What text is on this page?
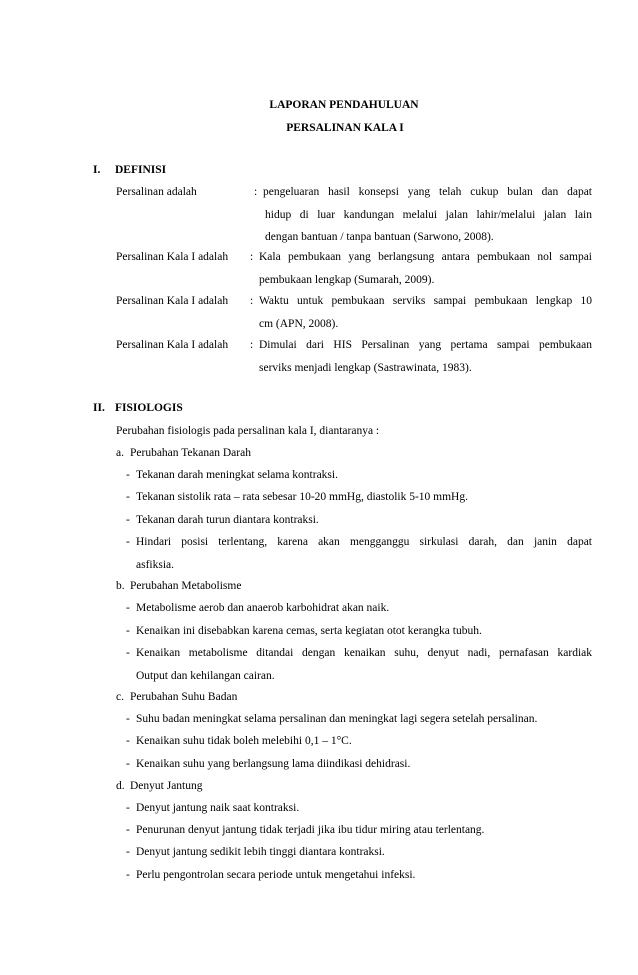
LAPORAN PENDAHULUAN
PERSALINAN KALA I
I. DEFINISI
Persalinan adalah	: pengeluaran hasil konsepsi yang telah cukup bulan dan dapat
hidup di luar kandungan melalui jalan lahir/melalui jalan lain
dengan bantuan / tanpa bantuan (Sarwono, 2008).
Persalinan Kala I adalah	: Kala pembukaan yang berlangsung antara pembukaan nol sampai
pembukaan lengkap (Sumarah, 2009).
Persalinan Kala I adalah	: Waktu untuk pembukaan serviks sampai pembukaan lengkap 10
cm (APN, 2008).
Persalinan Kala I adalah	: Dimulai dari HIS Persalinan yang pertama sampai pembukaan
serviks menjadi lengkap (Sastrawinata, 1983).
II. FISIOLOGIS
Perubahan fisiologis pada persalinan kala I, diantaranya :
a. Perubahan Tekanan Darah
- Tekanan darah meningkat selama kontraksi.
- Tekanan sistolik rata – rata sebesar 10-20 mmHg, diastolik 5-10 mmHg.
- Tekanan darah turun diantara kontraksi.
- Hindari posisi terlentang, karena akan mengganggu sirkulasi darah, dan janin dapat
asfiksia.
b. Perubahan Metabolisme
- Metabolisme aerob dan anaerob karbohidrat akan naik.
- Kenaikan ini disebabkan karena cemas, serta kegiatan otot kerangka tubuh.
- Kenaikan metabolisme ditandai dengan kenaikan suhu, denyut nadi, pernafasan kardiak
Output dan kehilangan cairan.
c. Perubahan Suhu Badan
- Suhu badan meningkat selama persalinan dan meningkat lagi segera setelah persalinan.
- Kenaikan suhu tidak boleh melebihi 0,1 – 1°C.
- Kenaikan suhu yang berlangsung lama diindikasi dehidrasi.
d. Denyut Jantung
- Denyut jantung naik saat kontraksi.
- Penurunan denyut jantung tidak terjadi jika ibu tidur miring atau terlentang.
- Denyut jantung sedikit lebih tinggi diantara kontraksi.
- Perlu pengontrolan secara periode untuk mengetahui infeksi.
